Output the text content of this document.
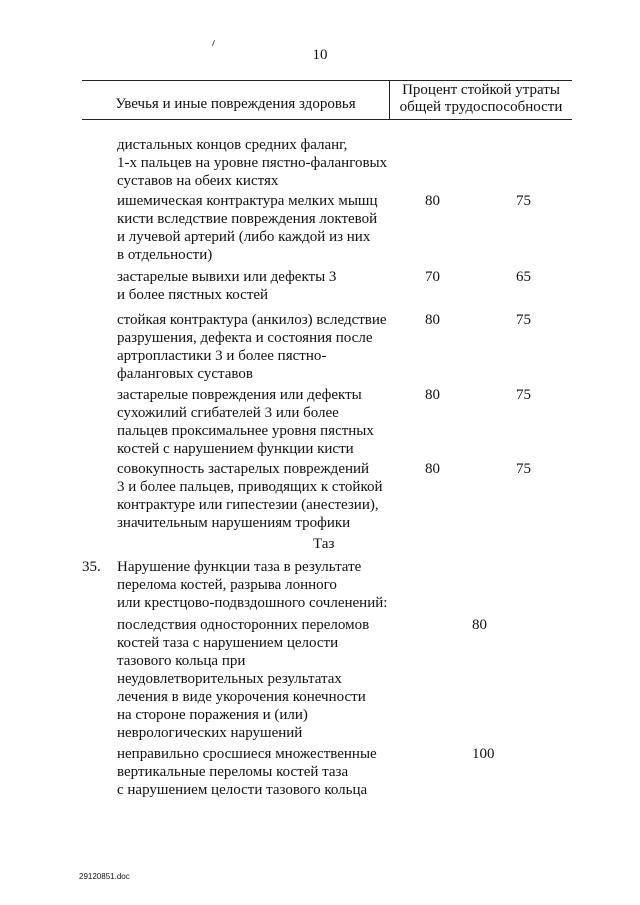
10
Увечья и иные повреждения здоровья
Процент стойкой утраты
общей трудоспособности
дистальных концов средних фаланг,
1-х пальцев на уровне пястно-фаланговых
суставов на обеих кистях
ишемическая контрактура мелких мышц
кисти вследствие повреждения локтевой
и лучевой артерий (либо каждой из них
в отдельности)
80	75
застарелые вывихи или дефекты 3
и более пястных костей
70	65
стойкая контрактура (анкилоз) вследствие
разрушения, дефекта и состояния после
артропластики 3 и более пястно-
фаланговых суставов
80	75
застарелые повреждения или дефекты
сухожилий сгибателей 3 или более
пальцев проксимальнее уровня пястных
костей с нарушением функции кисти
80	75
совокупность застарелых повреждений
3 и более пальцев, приводящих к стойкой
контрактуре или гипестезии (анестезии),
значительным нарушениям трофики
80	75
Таз
35. Нарушение функции таза в результате
перелома костей, разрыва лонного
или крестцово-подвздошного сочленений:
последствия односторонних переломов
костей таза с нарушением целости
тазового кольца при
неудовлетворительных результатах
лечения в виде укорочения конечности
на стороне поражения и (или)
неврологических нарушений
80
неправильно сросшиеся множественные
вертикальные переломы костей таза
с нарушением целости тазового кольца
100
29120851.doc
